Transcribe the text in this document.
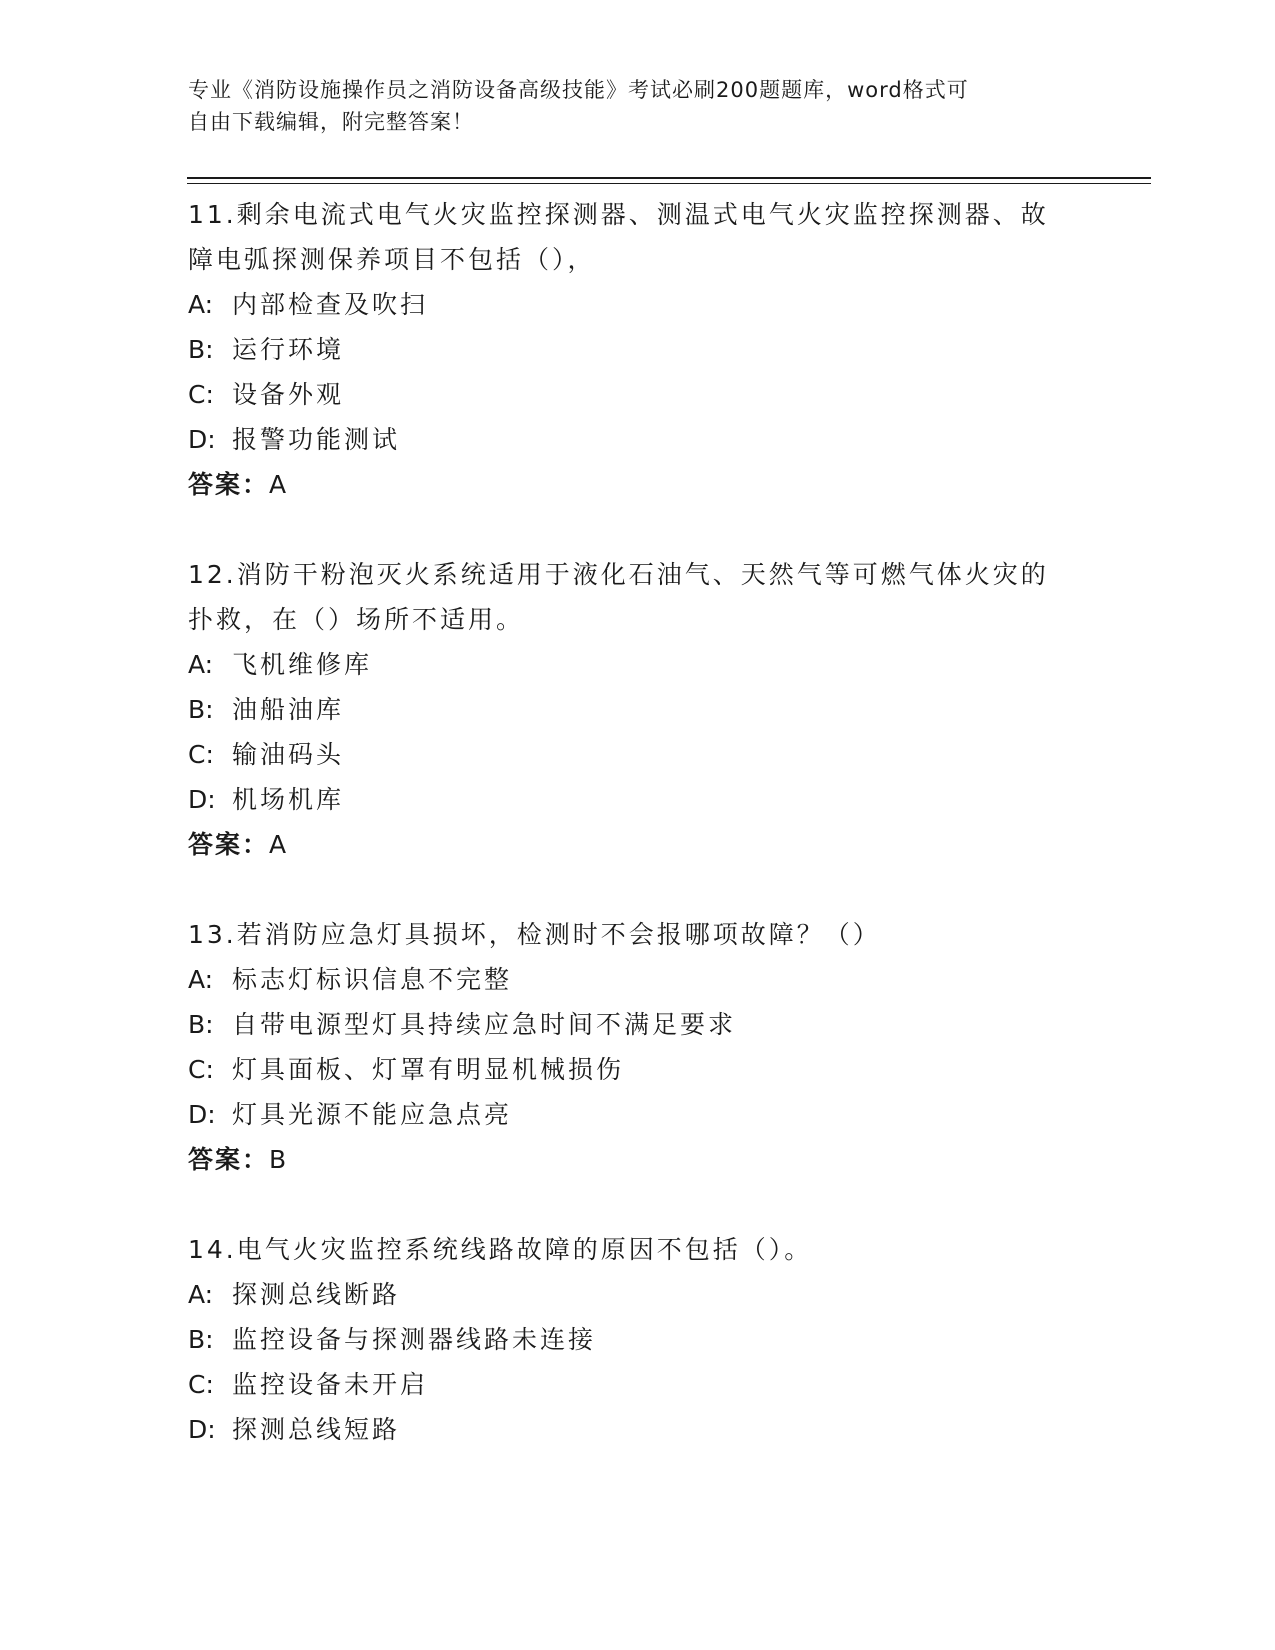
专业《消防设施操作员之消防设备高级技能》考试必刷200题题库，word格式可
自由下载编辑，附完整答案！
11.剩余电流式电气火灾监控探测器、测温式电气火灾监控探测器、故
障电弧探测保养项目不包括（），
A: 内部检查及吹扫
B: 运行环境
C: 设备外观
D: 报警功能测试
答案：A
12.消防干粉泡灭火系统适用于液化石油气、天然气等可燃气体火灾的
扑救，在（）场所不适用。
A: 飞机维修库
B: 油船油库
C: 输油码头
D: 机场机库
答案：A
13.若消防应急灯具损坏，检测时不会报哪项故障？（）
A: 标志灯标识信息不完整
B: 自带电源型灯具持续应急时间不满足要求
C: 灯具面板、灯罩有明显机械损伤
D: 灯具光源不能应急点亮
答案：B
14.电气火灾监控系统线路故障的原因不包括（）。
A: 探测总线断路
B: 监控设备与探测器线路未连接
C: 监控设备未开启
D: 探测总线短路
